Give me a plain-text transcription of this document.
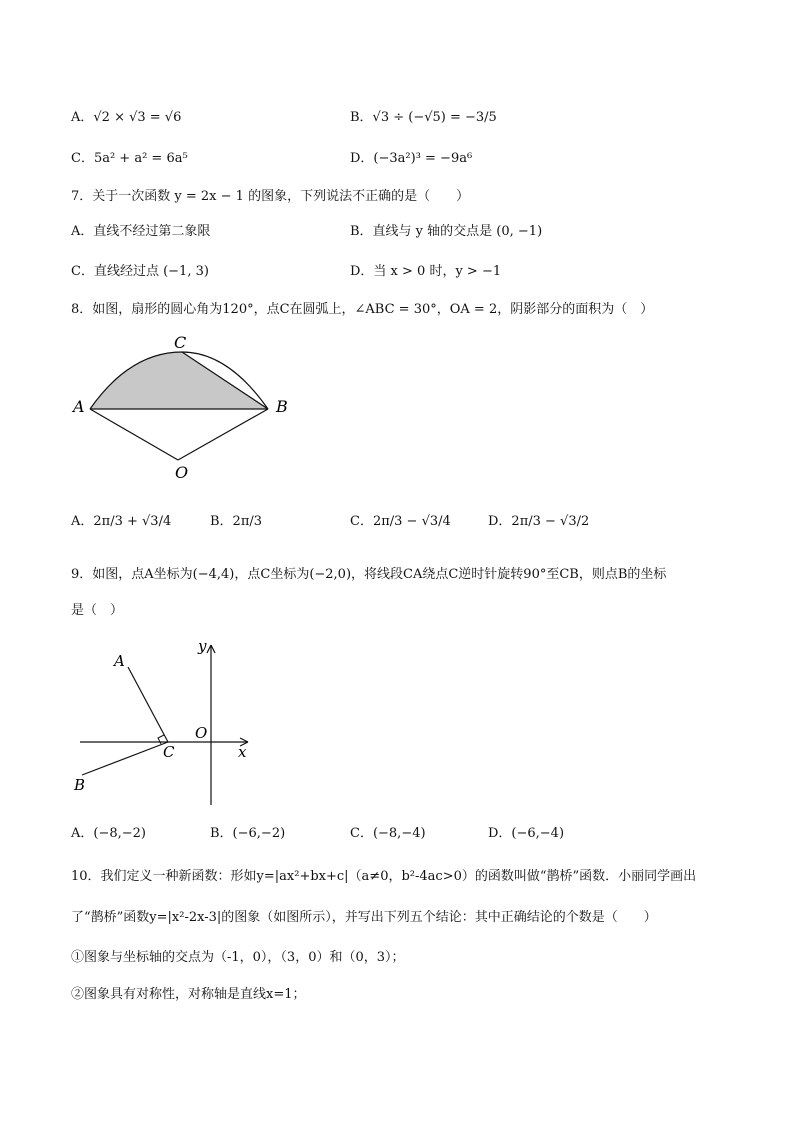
A．√2 × √3 = √6	B．√3 ÷ (−√5) = −3/5
C．5a² + a² = 6a⁵	D．(−3a²)³ = −9a⁶
7．关于一次函数 y = 2x − 1 的图象，下列说法不正确的是（　　）
A．直线不经过第二象限	B．直线与 y 轴的交点是 (0, −1)
C．直线经过点 (−1, 3)	D．当 x > 0 时，y > −1
8．如图，扇形的圆心角为120°，点C在圆弧上，∠ABC = 30°，OA = 2，阴影部分的面积为（　）
C
A	B
O
A．2π/3 + √3/4	B．2π/3	C．2π/3 − √3/4	D．2π/3 − √3/2
9．如图，点A坐标为(−4,4)，点C坐标为(−2,0)，将线段CA绕点C逆时针旋转90°至CB，则点B的坐标
是（　）
A
B
C
O
x
y
A．(−8,−2)	B．(−6,−2)	C．(−8,−4)	D．(−6,−4)
10．我们定义一种新函数：形如y=|ax²+bx+c|（a≠0，b²-4ac>0）的函数叫做“鹊桥”函数．小丽同学画出
了“鹊桥”函数y=|x²-2x-3|的图象（如图所示），并写出下列五个结论：其中正确结论的个数是（　　）
①图象与坐标轴的交点为（-1，0），（3，0）和（0，3）；
②图象具有对称性，对称轴是直线x=1；
